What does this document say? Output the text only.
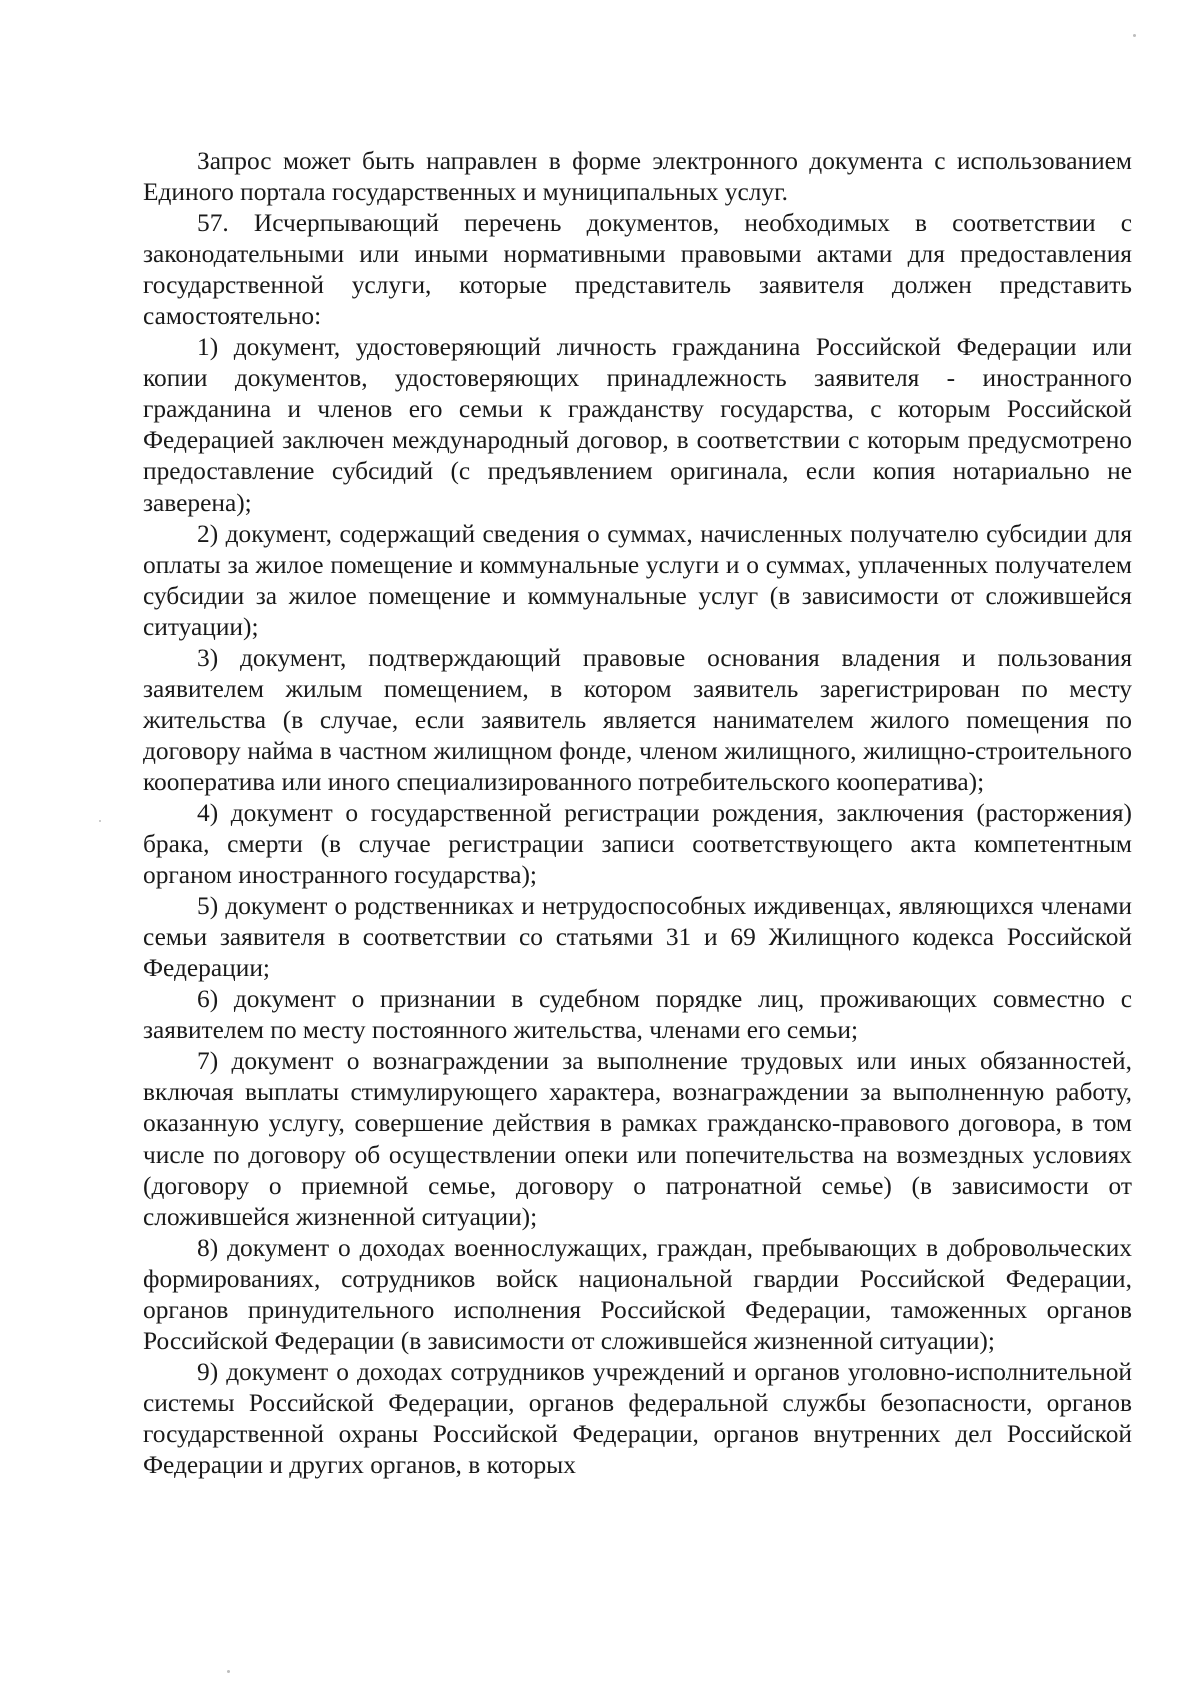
Запрос может быть направлен в форме электронного документа с использованием Единого портала государственных и муниципальных услуг.

57. Исчерпывающий перечень документов, необходимых в соответствии с законодательными или иными нормативными правовыми актами для предоставления государственной услуги, которые представитель заявителя должен представить самостоятельно:

1) документ, удостоверяющий личность гражданина Российской Федерации или копии документов, удостоверяющих принадлежность заявителя - иностранного гражданина и членов его семьи к гражданству государства, с которым Российской Федерацией заключен международный договор, в соответствии с которым предусмотрено предоставление субсидий (с предъявлением оригинала, если копия нотариально не заверена);

2) документ, содержащий сведения о суммах, начисленных получателю субсидии для оплаты за жилое помещение и коммунальные услуги и о суммах, уплаченных получателем субсидии за жилое помещение и коммунальные услуг (в зависимости от сложившейся ситуации);

3) документ, подтверждающий правовые основания владения и пользования заявителем жилым помещением, в котором заявитель зарегистрирован по месту жительства (в случае, если заявитель является нанимателем жилого помещения по договору найма в частном жилищном фонде, членом жилищного, жилищно-строительного кооператива или иного специализированного потребительского кооператива);

4) документ о государственной регистрации рождения, заключения (расторжения) брака, смерти (в случае регистрации записи соответствующего акта компетентным органом иностранного государства);

5) документ о родственниках и нетрудоспособных иждивенцах, являющихся членами семьи заявителя в соответствии со статьями 31 и 69 Жилищного кодекса Российской Федерации;

6) документ о признании в судебном порядке лиц, проживающих совместно с заявителем по месту постоянного жительства, членами его семьи;

7) документ о вознаграждении за выполнение трудовых или иных обязанностей, включая выплаты стимулирующего характера, вознаграждении за выполненную работу, оказанную услугу, совершение действия в рамках гражданско-правового договора, в том числе по договору об осуществлении опеки или попечительства на возмездных условиях (договору о приемной семье, договору о патронатной семье) (в зависимости от сложившейся жизненной ситуации);

8) документ о доходах военнослужащих, граждан, пребывающих в добровольческих формированиях, сотрудников войск национальной гвардии Российской Федерации, органов принудительного исполнения Российской Федерации, таможенных органов Российской Федерации (в зависимости от сложившейся жизненной ситуации);

9) документ о доходах сотрудников учреждений и органов уголовно-исполнительной системы Российской Федерации, органов федеральной службы безопасности, органов государственной охраны Российской Федерации, органов внутренних дел Российской Федерации и других органов, в которых
